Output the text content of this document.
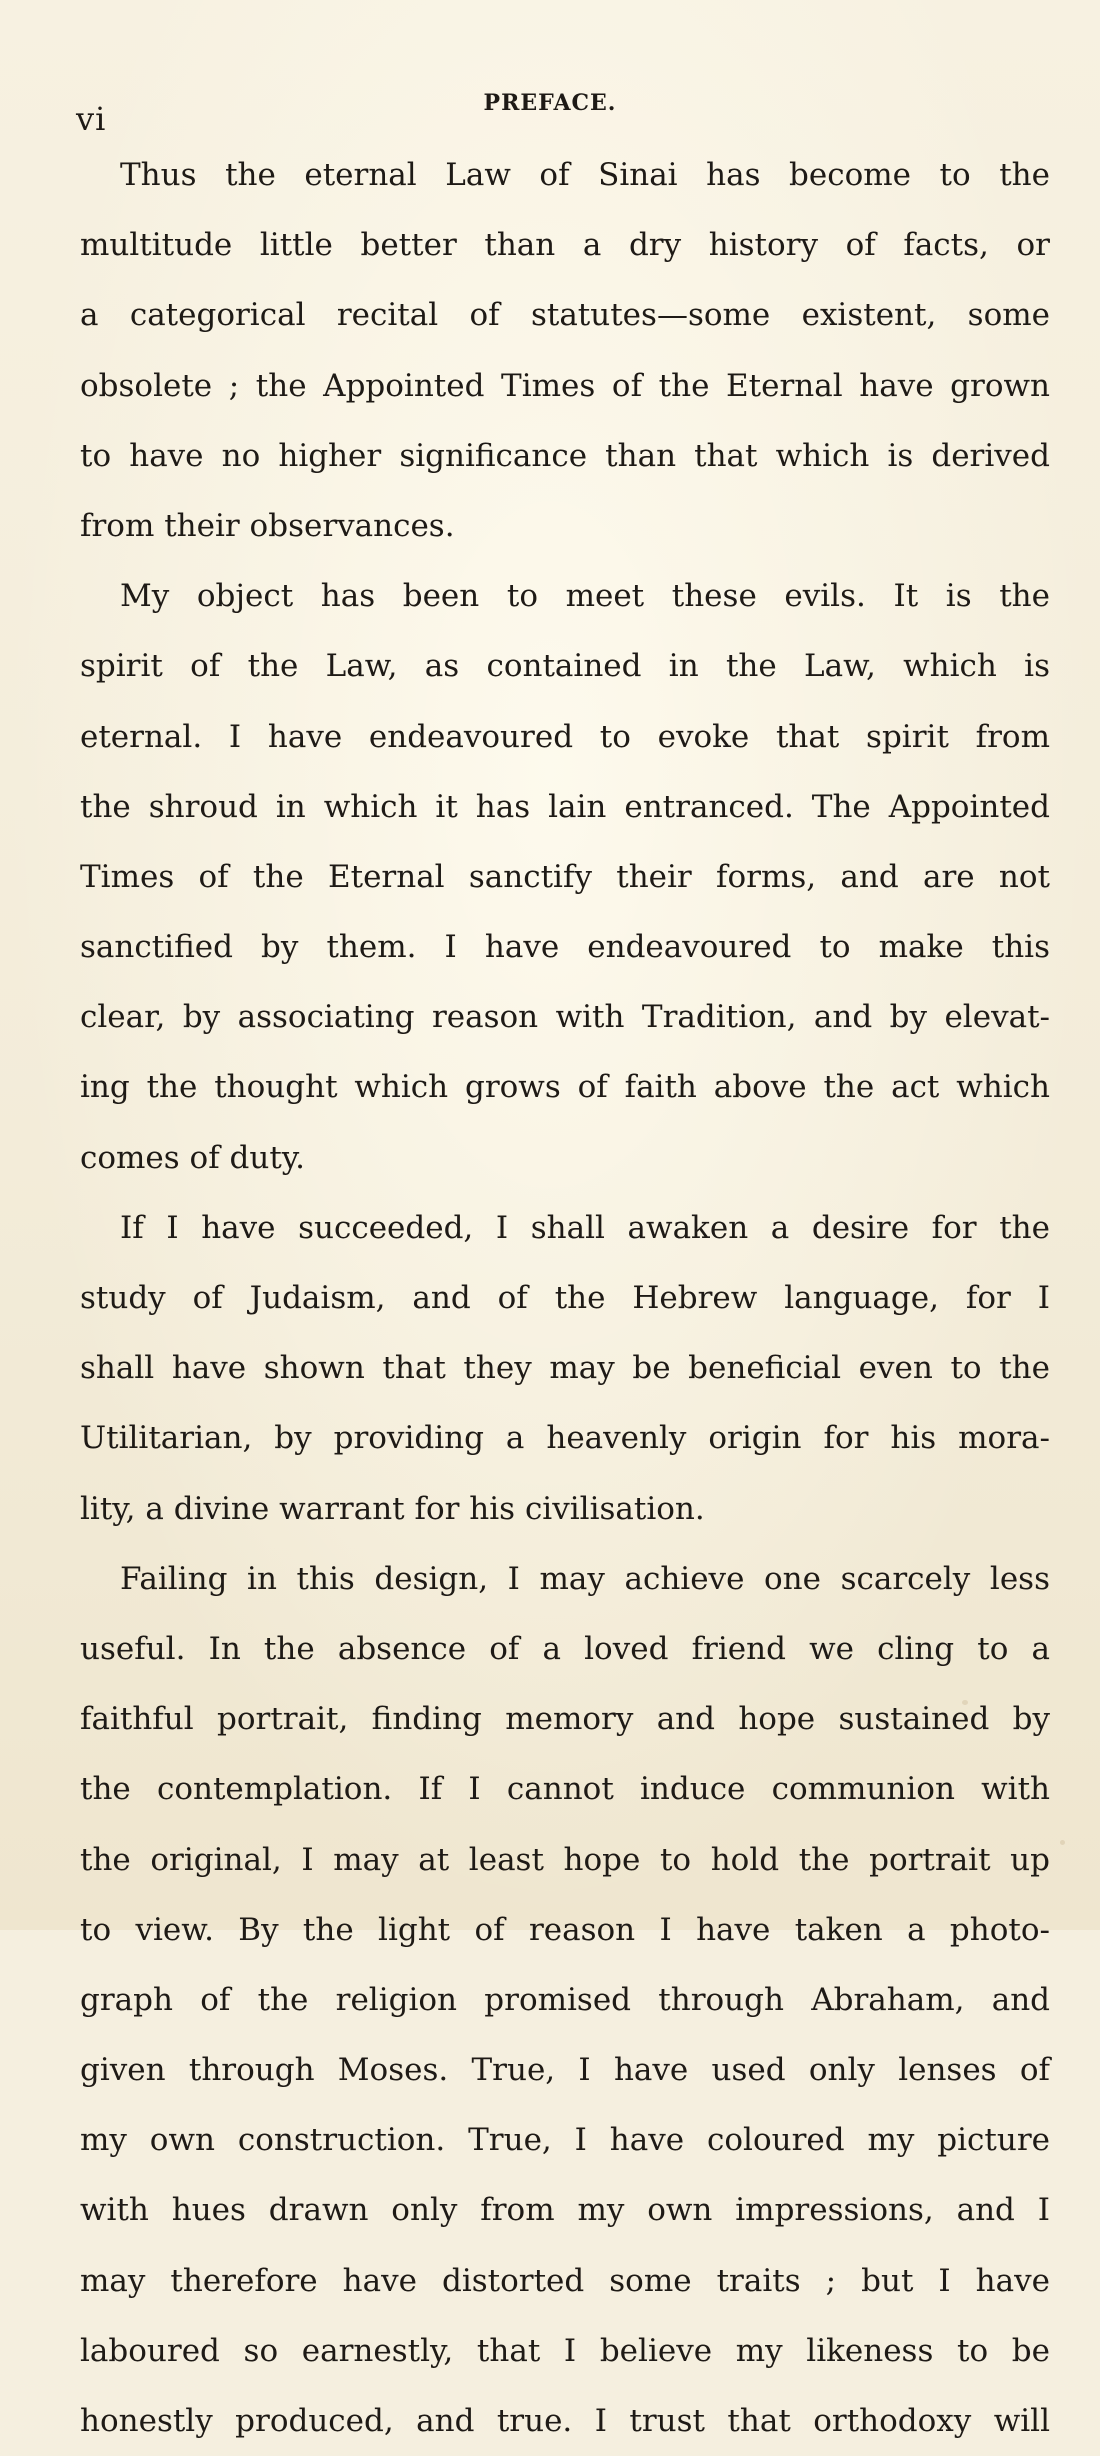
vi	PREFACE.
Thus the eternal Law of Sinai has become to the
multitude little better than a dry history of facts, or
a categorical recital of statutes—some existent, some
obsolete ; the Appointed Times of the Eternal have grown
to have no higher significance than that which is derived
from their observances.
My object has been to meet these evils. It is the
spirit of the Law, as contained in the Law, which is
eternal. I have endeavoured to evoke that spirit from
the shroud in which it has lain entranced. The Appointed
Times of the Eternal sanctify their forms, and are not
sanctified by them. I have endeavoured to make this
clear, by associating reason with Tradition, and by elevat-
ing the thought which grows of faith above the act which
comes of duty.
If I have succeeded, I shall awaken a desire for the
study of Judaism, and of the Hebrew language, for I
shall have shown that they may be beneficial even to the
Utilitarian, by providing a heavenly origin for his mora-
lity, a divine warrant for his civilisation.
Failing in this design, I may achieve one scarcely less
useful. In the absence of a loved friend we cling to a
faithful portrait, finding memory and hope sustained by
the contemplation. If I cannot induce communion with
the original, I may at least hope to hold the portrait up
to view. By the light of reason I have taken a photo-
graph of the religion promised through Abraham, and
given through Moses. True, I have used only lenses of
my own construction. True, I have coloured my picture
with hues drawn only from my own impressions, and I
may therefore have distorted some traits ; but I have
laboured so earnestly, that I believe my likeness to be
honestly produced, and true. I trust that orthodoxy will
